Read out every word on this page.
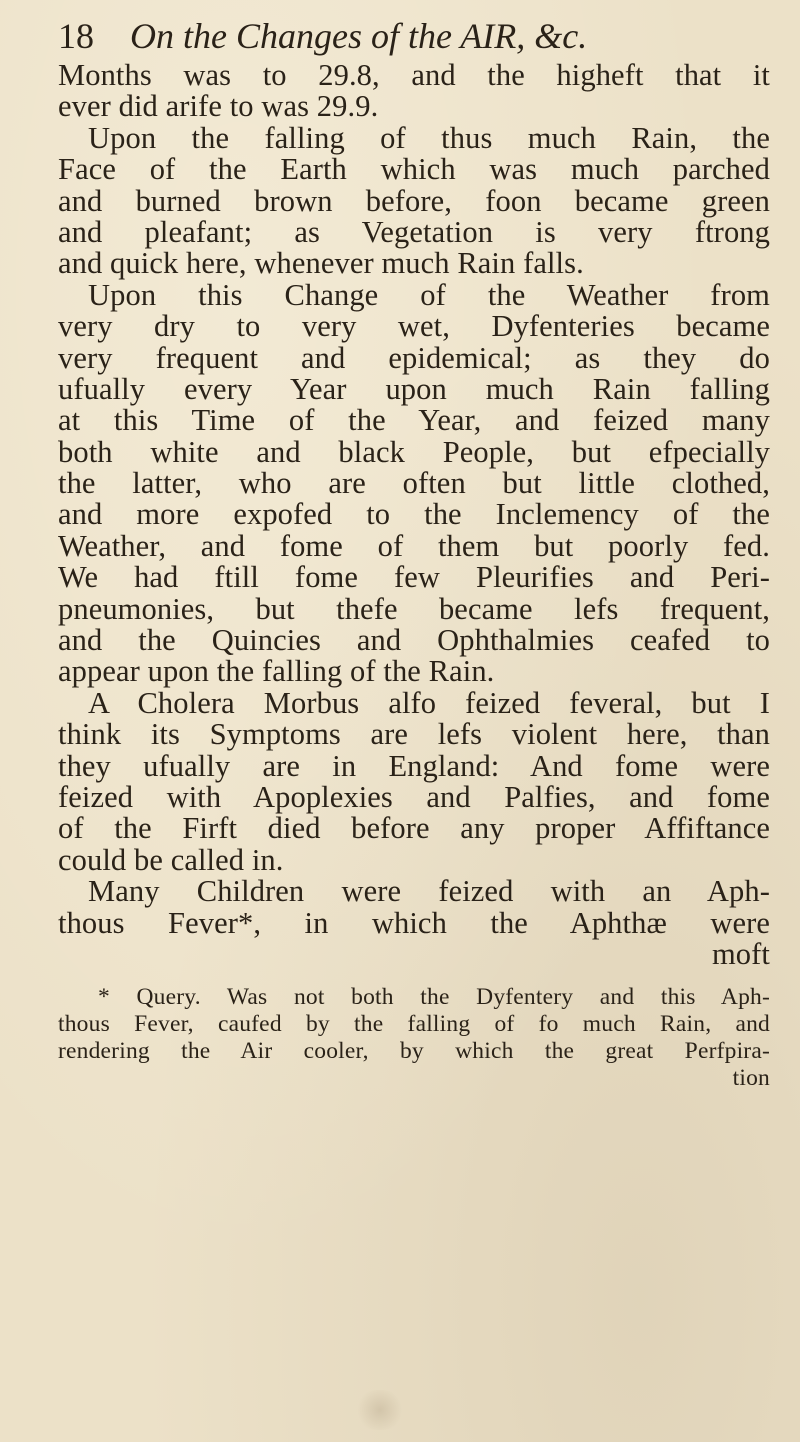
18 On the Changes of the AIR, &c.
Months was to 29.8, and the higheft that it
ever did arife to was 29.9.
Upon the falling of thus much Rain, the
Face of the Earth which was much parched
and burned brown before, foon became green
and pleafant; as Vegetation is very ftrong
and quick here, whenever much Rain falls.
Upon this Change of the Weather from
very dry to very wet, Dyfenteries became
very frequent and epidemical; as they do
ufually every Year upon much Rain falling
at this Time of the Year, and feized many
both white and black People, but efpecially
the latter, who are often but little clothed,
and more expofed to the Inclemency of the
Weather, and fome of them but poorly fed.
We had ftill fome few Pleurifies and Peri-
pneumonies, but thefe became lefs frequent,
and the Quincies and Ophthalmies ceafed to
appear upon the falling of the Rain.
A Cholera Morbus alfo feized feveral, but I
think its Symptoms are lefs violent here, than
they ufually are in England: And fome were
feized with Apoplexies and Palfies, and fome
of the Firft died before any proper Affiftance
could be called in.
Many Children were feized with an Aph-
thous Fever*, in which the Aphthæ were
moft
* Query. Was not both the Dyfentery and this Aph-
thous Fever, caufed by the falling of fo much Rain, and
rendering the Air cooler, by which the great Perfpira-
tion
